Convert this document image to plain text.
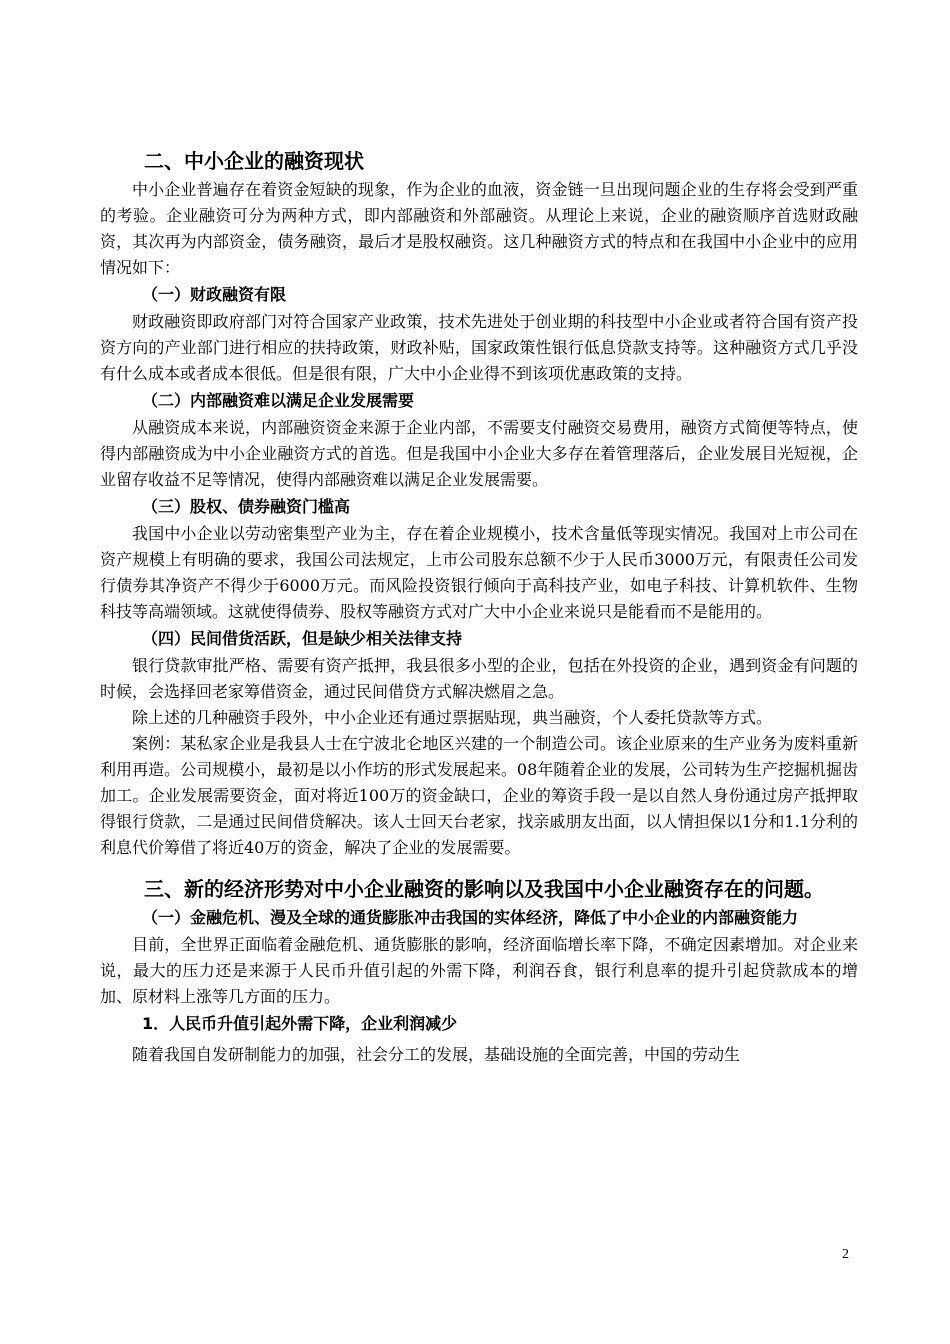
二、中小企业的融资现状

中小企业普遍存在着资金短缺的现象，作为企业的血液，资金链一旦出现问题企业的生存将会受到严重的考验。企业融资可分为两种方式，即内部融资和外部融资。从理论上来说，企业的融资顺序首选财政融资，其次再为内部资金，债务融资，最后才是股权融资。这几种融资方式的特点和在我国中小企业中的应用情况如下：

（一）财政融资有限

财政融资即政府部门对符合国家产业政策，技术先进处于创业期的科技型中小企业或者符合国有资产投资方向的产业部门进行相应的扶持政策，财政补贴，国家政策性银行低息贷款支持等。这种融资方式几乎没有什么成本或者成本很低。但是很有限，广大中小企业得不到该项优惠政策的支持。

（二）内部融资难以满足企业发展需要

从融资成本来说，内部融资资金来源于企业内部，不需要支付融资交易费用，融资方式简便等特点，使得内部融资成为中小企业融资方式的首选。但是我国中小企业大多存在着管理落后，企业发展目光短视，企业留存收益不足等情况，使得内部融资难以满足企业发展需要。

（三）股权、债券融资门槛高

我国中小企业以劳动密集型产业为主，存在着企业规模小，技术含量低等现实情况。我国对上市公司在资产规模上有明确的要求，我国公司法规定，上市公司股东总额不少于人民币3000万元，有限责任公司发行债券其净资产不得少于6000万元。而风险投资银行倾向于高科技产业，如电子科技、计算机软件、生物科技等高端领域。这就使得债券、股权等融资方式对广大中小企业来说只是能看而不是能用的。

（四）民间借货活跃，但是缺少相关法律支持

银行贷款审批严格、需要有资产抵押，我县很多小型的企业，包括在外投资的企业，遇到资金有问题的时候，会选择回老家筹借资金，通过民间借贷方式解决燃眉之急。

除上述的几种融资手段外，中小企业还有通过票据贴现，典当融资，个人委托贷款等方式。

案例：某私家企业是我县人士在宁波北仑地区兴建的一个制造公司。该企业原来的生产业务为废料重新利用再造。公司规模小，最初是以小作坊的形式发展起来。08年随着企业的发展，公司转为生产挖掘机掘齿加工。企业发展需要资金，面对将近100万的资金缺口，企业的筹资手段一是以自然人身份通过房产抵押取得银行贷款，二是通过民间借贷解决。该人士回天台老家，找亲戚朋友出面，以人情担保以1分和1.1分利的利息代价筹借了将近40万的资金，解决了企业的发展需要。

三、新的经济形势对中小企业融资的影响以及我国中小企业融资存在的问题。
（一）金融危机、漫及全球的通货膨胀冲击我国的实体经济，降低了中小企业的内部融资能力

目前，全世界正面临着金融危机、通货膨胀的影响，经济面临增长率下降，不确定因素增加。对企业来说，最大的压力还是来源于人民币升值引起的外需下降，利润吞食，银行利息率的提升引起贷款成本的增加、原材料上涨等几方面的压力。

1．人民币升值引起外需下降，企业利润减少

随着我国自发研制能力的加强，社会分工的发展，基础设施的全面完善，中国的劳动生

2
